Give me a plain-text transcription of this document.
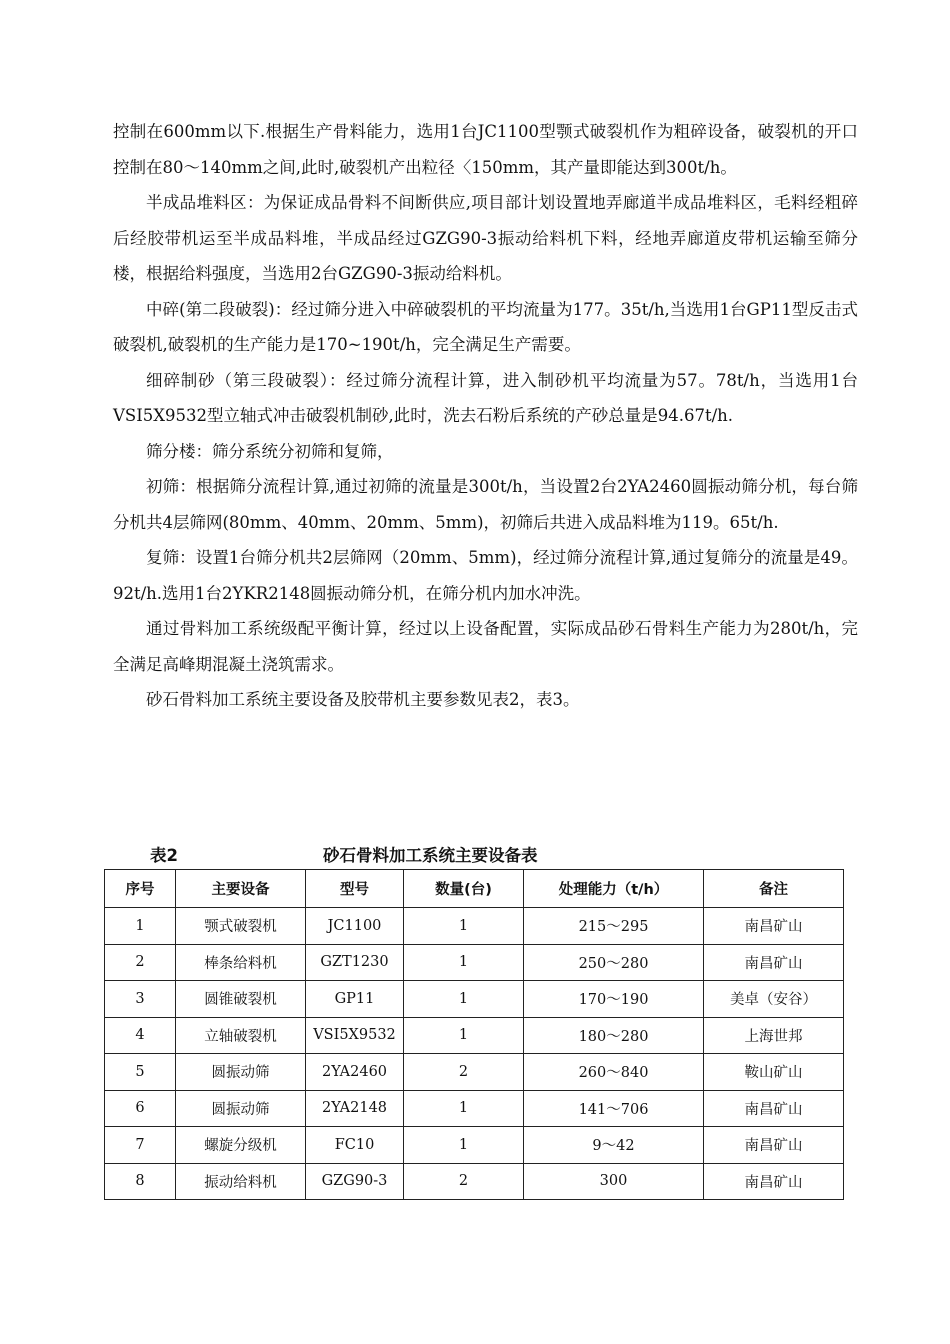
控制在600mm以下.根据生产骨料能力，选用1台JC1100型颚式破裂机作为粗碎设备，破裂机的开口控制在80～140mm之间,此时,破裂机产出粒径〈150mm，其产量即能达到300t/h。

半成品堆料区：为保证成品骨料不间断供应,项目部计划设置地弄廊道半成品堆料区，毛料经粗碎后经胶带机运至半成品料堆，半成品经过GZG90-3振动给料机下料，经地弄廊道皮带机运输至筛分楼，根据给料强度，当选用2台GZG90-3振动给料机。

中碎(第二段破裂)：经过筛分进入中碎破裂机的平均流量为177。35t/h,当选用1台GP11型反击式破裂机,破裂机的生产能力是170~190t/h，完全满足生产需要。

细碎制砂（第三段破裂）：经过筛分流程计算，进入制砂机平均流量为57。78t/h，当选用1台VSI5X9532型立轴式冲击破裂机制砂,此时，洗去石粉后系统的产砂总量是94.67t/h.

筛分楼：筛分系统分初筛和复筛，

初筛：根据筛分流程计算,通过初筛的流量是300t/h，当设置2台2YA2460圆振动筛分机，每台筛分机共4层筛网(80mm、40mm、20mm、5mm)，初筛后共进入成品料堆为119。65t/h.

复筛：设置1台筛分机共2层筛网（20mm、5mm)，经过筛分流程计算,通过复筛分的流量是49。92t/h.选用1台2YKR2148圆振动筛分机，在筛分机内加水冲洗。

通过骨料加工系统级配平衡计算，经过以上设备配置，实际成品砂石骨料生产能力为280t/h，完全满足高峰期混凝土浇筑需求。

砂石骨料加工系统主要设备及胶带机主要参数见表2，表3。

表2	砂石骨料加工系统主要设备表
序号	主要设备	型号	数量(台)	处理能力（t/h）	备注
1	颚式破裂机	JC1100	1	215～295	南昌矿山
2	棒条给料机	GZT1230	1	250～280	南昌矿山
3	圆锥破裂机	GP11	1	170～190	美卓（安谷）
4	立轴破裂机	VSI5X9532	1	180～280	上海世邦
5	圆振动筛	2YA2460	2	260～840	鞍山矿山
6	圆振动筛	2YA2148	1	141～706	南昌矿山
7	螺旋分级机	FC10	1	9～42	南昌矿山
8	振动给料机	GZG90-3	2	300	南昌矿山
